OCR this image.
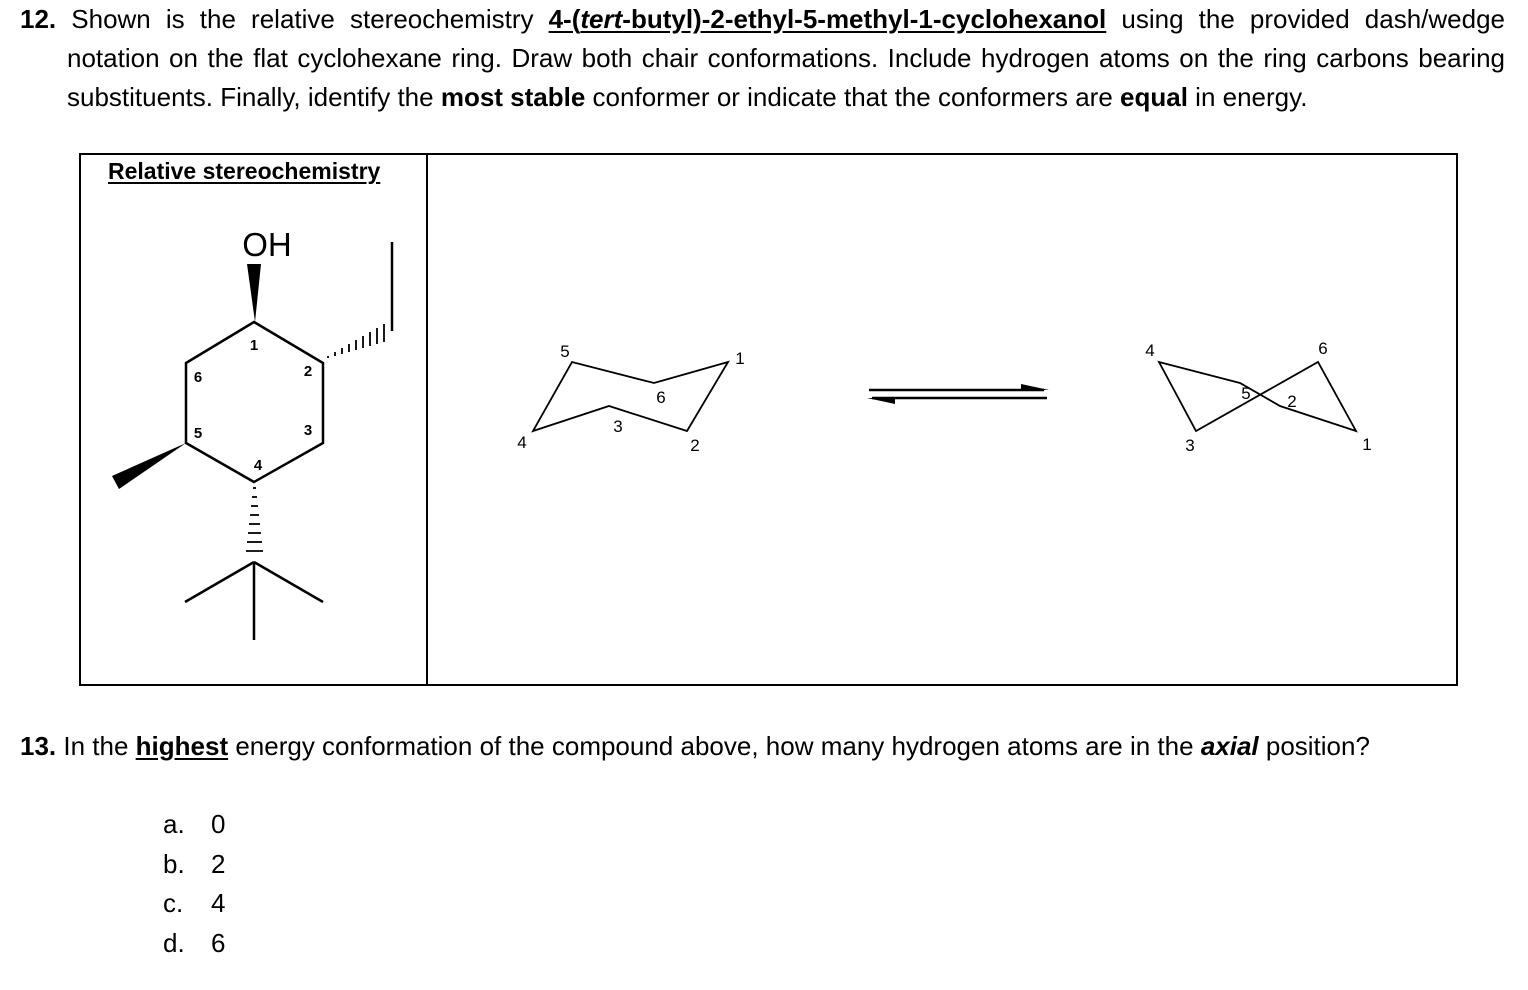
12. Shown is the relative stereochemistry 4-(tert-butyl)-2-ethyl-5-methyl-1-cyclohexanol using the provided dash/wedge notation on the flat cyclohexane ring. Draw both chair conformations. Include hydrogen atoms on the ring carbons bearing substituents. Finally, identify the most stable conformer or indicate that the conformers are equal in energy.
Relative stereochemistry
OH
1
2
3
4
5
6
1
2
3
4
5
6
1
2
3
4
5
6
13. In the highest energy conformation of the compound above, how many hydrogen atoms are in the axial position?
a.	0
b.	2
c.	4
d.	6
